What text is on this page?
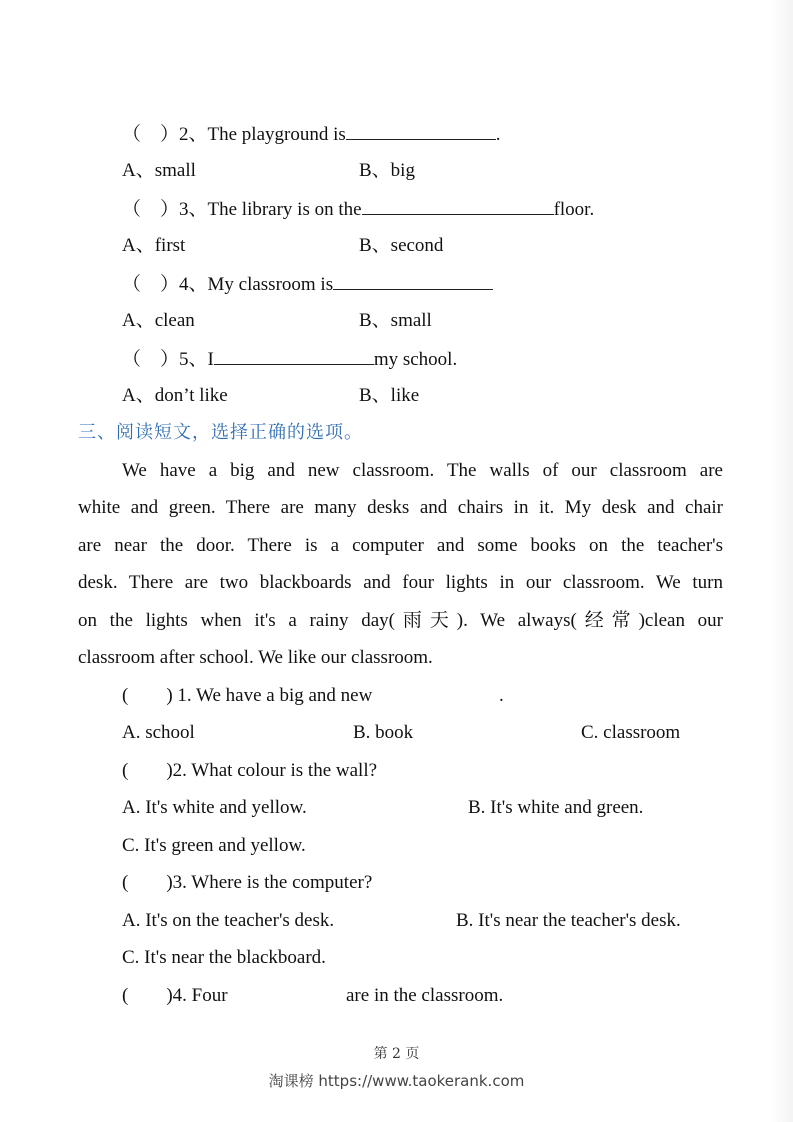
（　）2、The playground is	.
A、small	B、big
（　）3、The library is on the	floor.
A、first	B、second
（　）4、My classroom is
A、clean	B、small
（　）5、I	my school.
A、don’t like	B、like
三、阅读短文，选择正确的选项。
We have a big and new classroom. The walls of our classroom are
white and green. There are many desks and chairs in it. My desk and chair
are near the door. There is a computer and some books on the teacher's
desk. There are two blackboards and four lights in our classroom. We turn
on the lights when it's a rainy day(雨天). We always(经常)clean our
classroom after school. We like our classroom.
(　　) 1. We have a big and new	.
A. school	B. book	C. classroom
(　　)2. What colour is the wall?
A. It's white and yellow.	B. It's white and green.
C. It's green and yellow.
(　　)3. Where is the computer?
A. It's on the teacher's desk.	B. It's near the teacher's desk.
C. It's near the blackboard.
(　　)4. Four	are in the classroom.
第 2 页
淘课榜 https://www.taokerank.com
